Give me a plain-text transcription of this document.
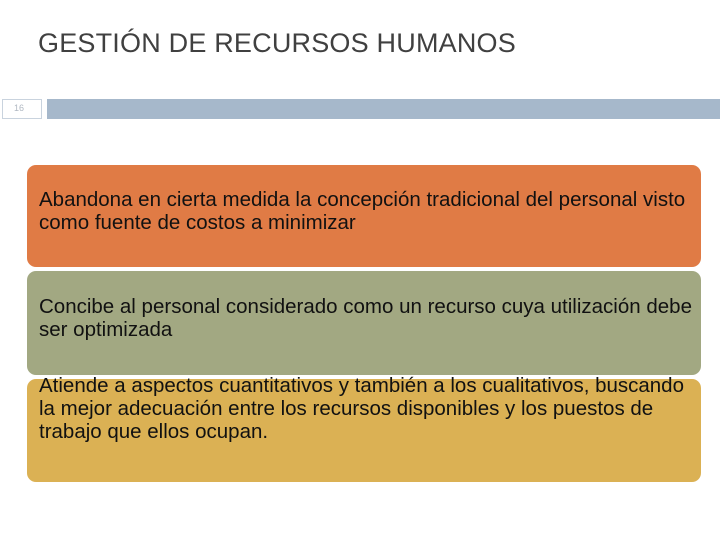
GESTIÓN DE RECURSOS HUMANOS
16
Abandona en cierta medida la concepción tradicional del personal visto como fuente de costos a minimizar
Concibe al personal considerado como un recurso cuya utilización debe ser optimizada
Atiende a aspectos cuantitativos y también a los cualitativos, buscando la mejor adecuación entre los recursos disponibles y los puestos de trabajo que ellos ocupan.
